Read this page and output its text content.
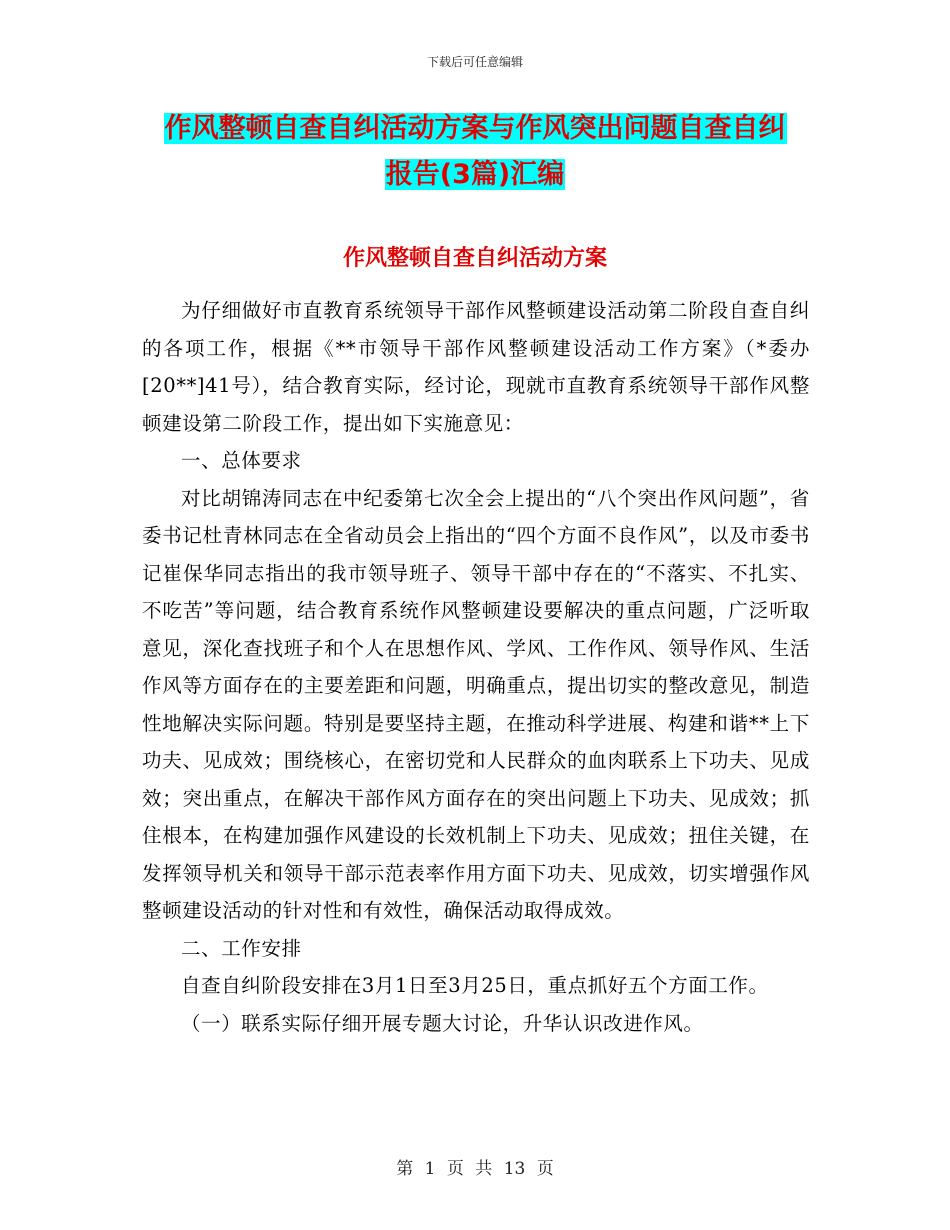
下载后可任意编辑
作风整顿自查自纠活动方案与作风突出问题自查自纠
报告(3篇)汇编
作风整顿自查自纠活动方案

为仔细做好市直教育系统领导干部作风整顿建设活动第二阶段自查自纠的各项工作，根据《**市领导干部作风整顿建设活动工作方案》（*委办[20**]41号），结合教育实际，经讨论，现就市直教育系统领导干部作风整顿建设第二阶段工作，提出如下实施意见：

一、总体要求

对比胡锦涛同志在中纪委第七次全会上提出的“八个突出作风问题”，省委书记杜青林同志在全省动员会上指出的“四个方面不良作风”，以及市委书记崔保华同志指出的我市领导班子、领导干部中存在的“不落实、不扎实、不吃苦”等问题，结合教育系统作风整顿建设要解决的重点问题，广泛听取意见，深化查找班子和个人在思想作风、学风、工作作风、领导作风、生活作风等方面存在的主要差距和问题，明确重点，提出切实的整改意见，制造性地解决实际问题。特别是要坚持主题，在推动科学进展、构建和谐**上下功夫、见成效；围绕核心，在密切党和人民群众的血肉联系上下功夫、见成效；突出重点，在解决干部作风方面存在的突出问题上下功夫、见成效；抓住根本，在构建加强作风建设的长效机制上下功夫、见成效；扭住关键，在发挥领导机关和领导干部示范表率作用方面下功夫、见成效，切实增强作风整顿建设活动的针对性和有效性，确保活动取得成效。

二、工作安排

自查自纠阶段安排在3月1日至3月25日，重点抓好五个方面工作。

（一）联系实际仔细开展专题大讨论，升华认识改进作风。

第 1 页 共 13 页
